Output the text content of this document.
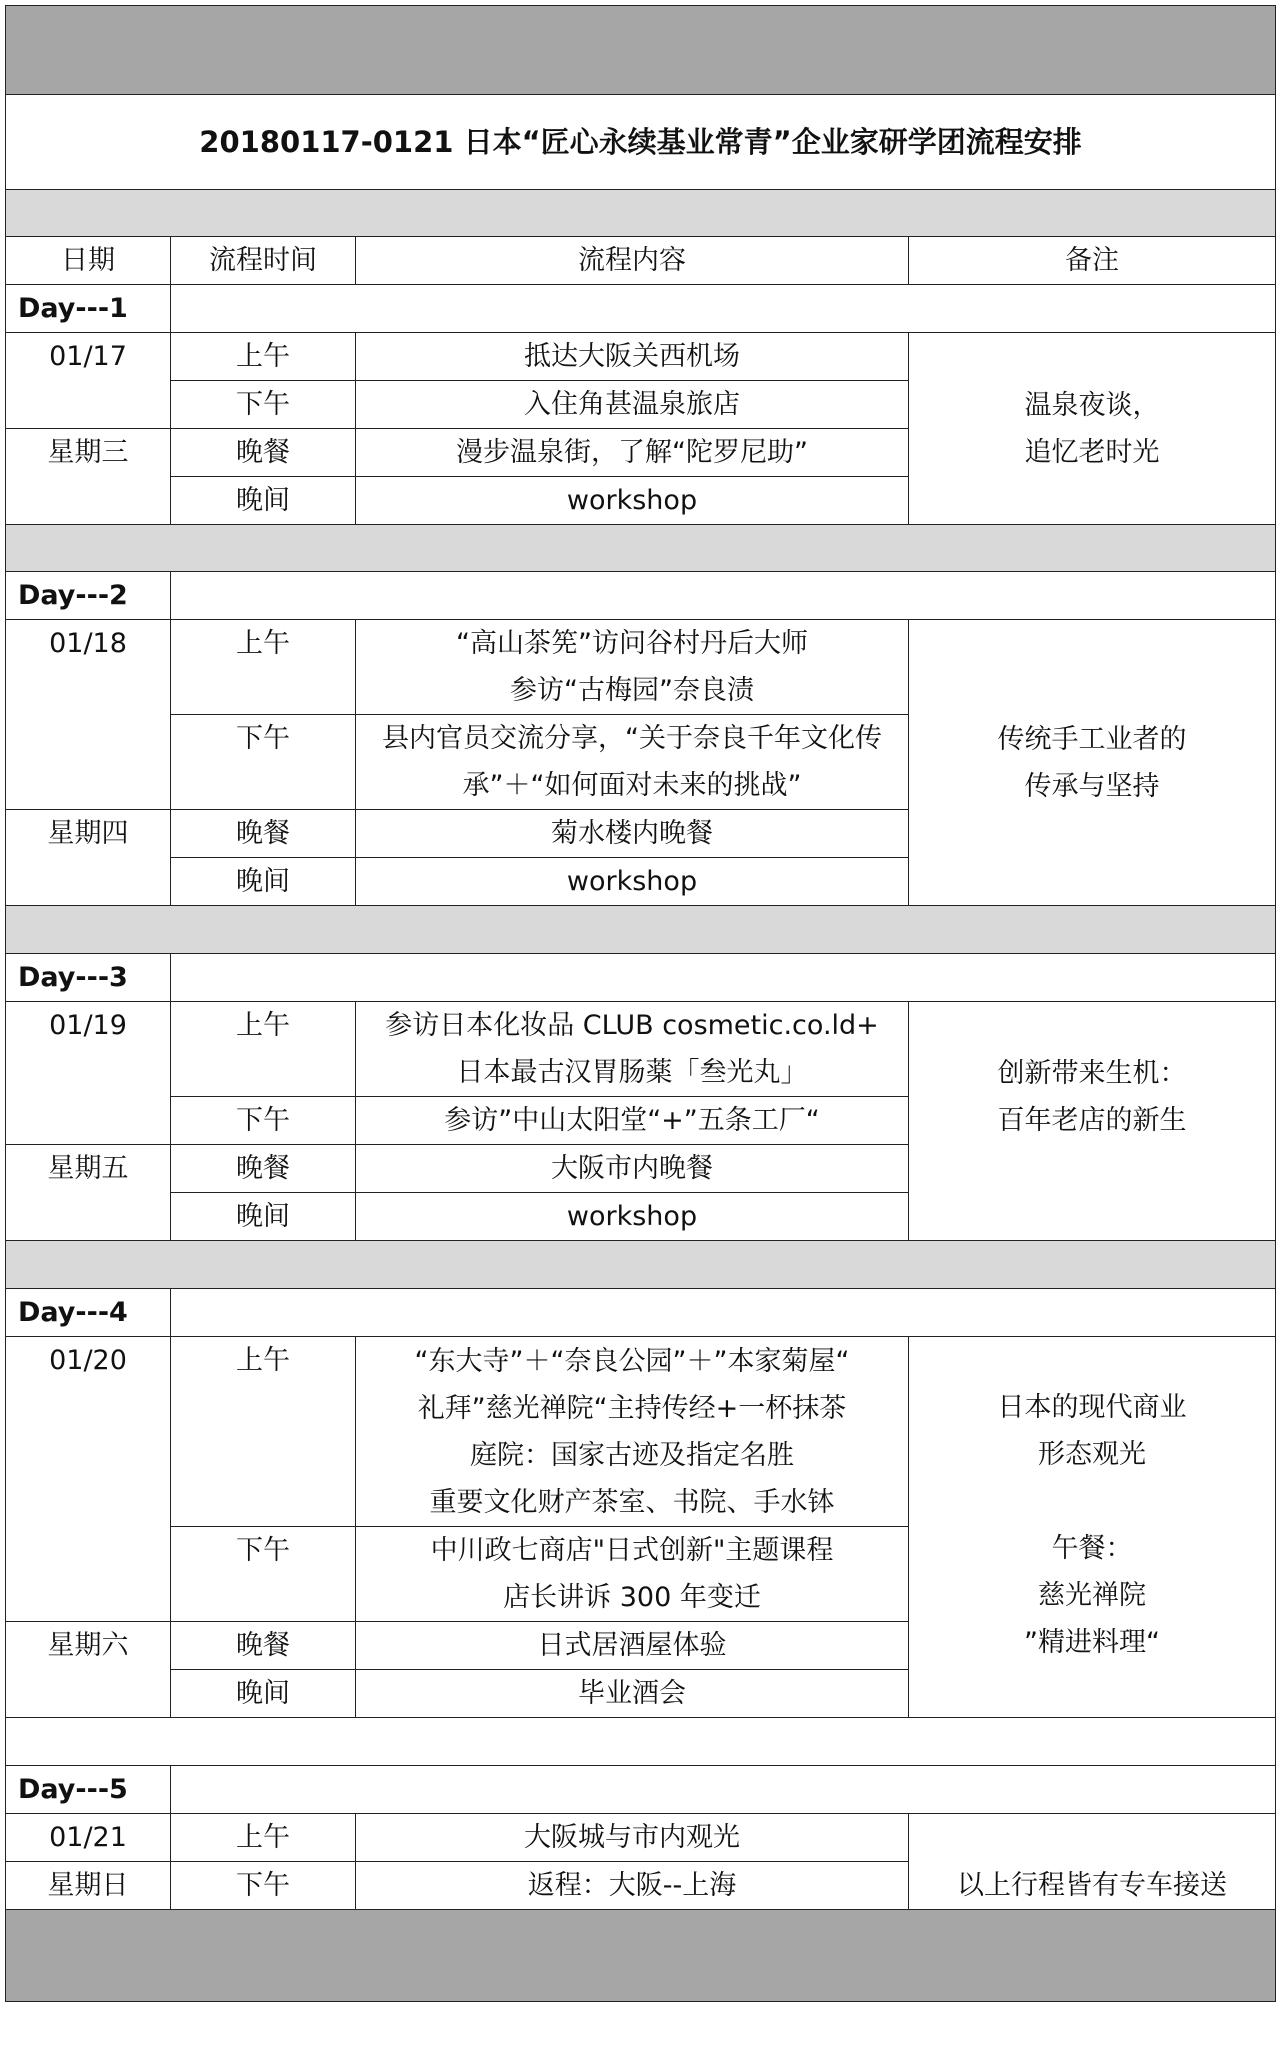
20180117-0121 日本“匠心永续基业常青”企业家研学团流程安排			

日期	流程时间	流程内容	备注
Day---1			
01/17	上午	抵达大阪关西机场	温泉夜谈，
追忆老时光

	下午	入住角甚温泉旅店	

星期三	晚餐	漫步温泉街，了解“陀罗尼助”	

	晚间	workshop	

Day---2			
01/18	上午	“高山茶筅”访问谷村丹后大师
参访“古梅园”奈良渍	传统手工业者的
传承与坚持

	下午	县内官员交流分享，“关于奈良千年文化传
承”＋“如何面对未来的挑战”	

星期四	晚餐	菊水楼内晚餐	

	晚间	workshop	

Day---3			
01/19	上午	参访日本化妆品 CLUB cosmetic.co.ld+
日本最古汉胃肠薬「叁光丸」	创新带来生机：
百年老店的新生

	下午	参访”中山太阳堂“+”五条工厂“	

星期五	晚餐	大阪市内晚餐	

	晚间	workshop	

Day---4			
01/20	上午	“东大寺”＋“奈良公园”＋”本家菊屋“
礼拜”慈光禅院“主持传经+一杯抹茶
庭院：国家古迹及指定名胜
重要文化财产茶室、书院、手水钵	日本的现代商业
形态观光
午餐：
慈光禅院
”精进料理“

	下午	中川政七商店"日式创新"主题课程
店长讲诉 300 年变迁	

星期六	晚餐	日式居酒屋体验	

	晚间	毕业酒会	

Day---5			
01/21	上午	大阪城与市内观光	以上行程皆有专车接送

星期日	下午	返程：大阪--上海	
